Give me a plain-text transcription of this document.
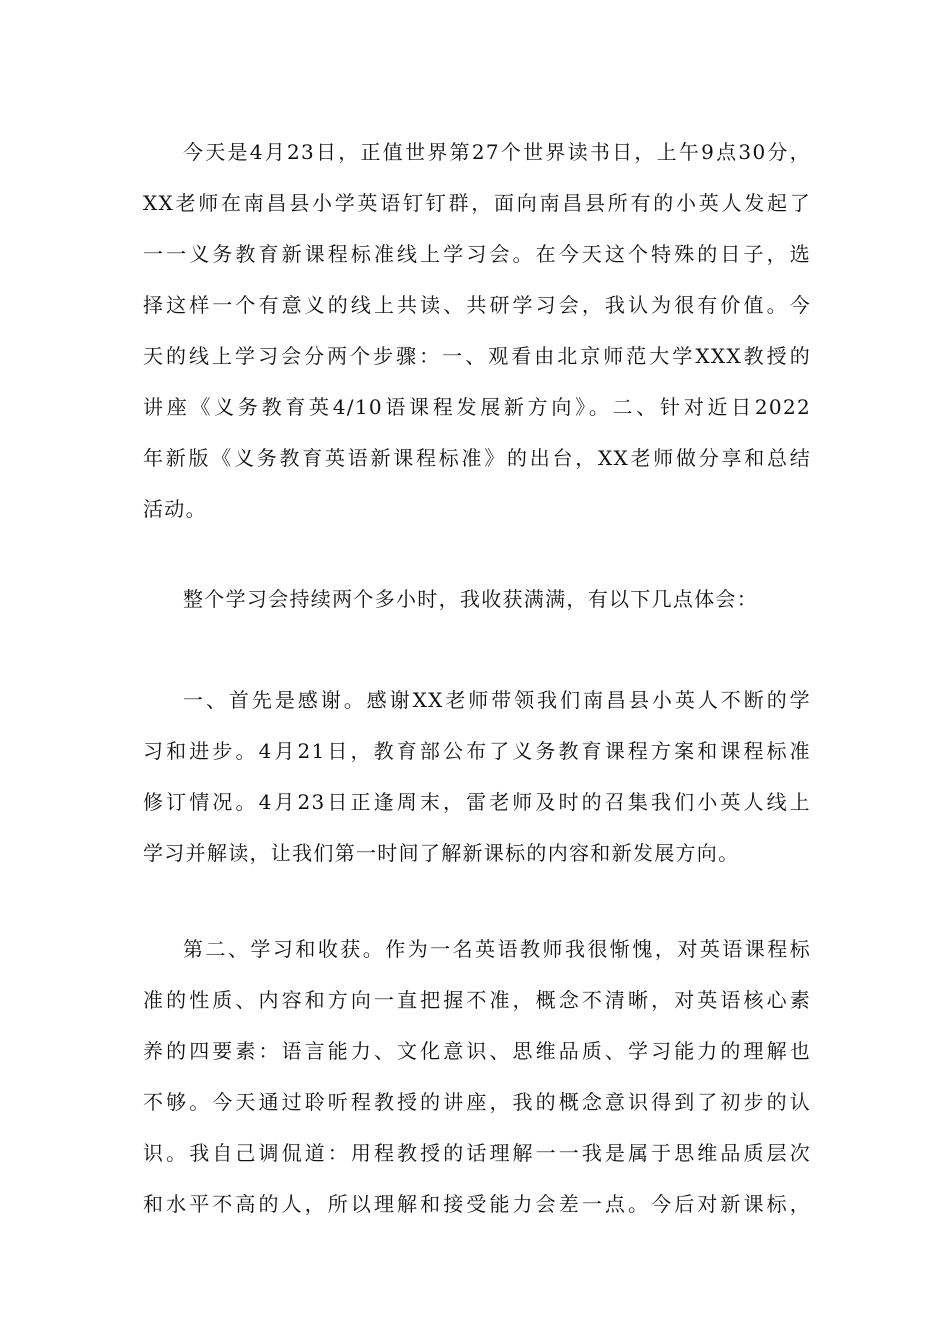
今天是4月23日，正值世界第27个世界读书日，上午9点30分，
XX老师在南昌县小学英语钉钉群，面向南昌县所有的小英人发起了
一一义务教育新课程标准线上学习会。在今天这个特殊的日子，选
择这样一个有意义的线上共读、共研学习会，我认为很有价值。今
天的线上学习会分两个步骤：一、观看由北京师范大学XXX教授的
讲座《义务教育英4/10语课程发展新方向》。二、针对近日2022
年新版《义务教育英语新课程标准》的出台，XX老师做分享和总结
活动。
整个学习会持续两个多小时，我收获满满，有以下几点体会：
一、首先是感谢。感谢XX老师带领我们南昌县小英人不断的学
习和进步。4月21日，教育部公布了义务教育课程方案和课程标准
修订情况。4月23日正逢周末，雷老师及时的召集我们小英人线上
学习并解读，让我们第一时间了解新课标的内容和新发展方向。
第二、学习和收获。作为一名英语教师我很惭愧，对英语课程标
准的性质、内容和方向一直把握不准，概念不清晰，对英语核心素
养的四要素：语言能力、文化意识、思维品质、学习能力的理解也
不够。今天通过聆听程教授的讲座，我的概念意识得到了初步的认
识。我自己调侃道：用程教授的话理解一一我是属于思维品质层次
和水平不高的人，所以理解和接受能力会差一点。今后对新课标，
